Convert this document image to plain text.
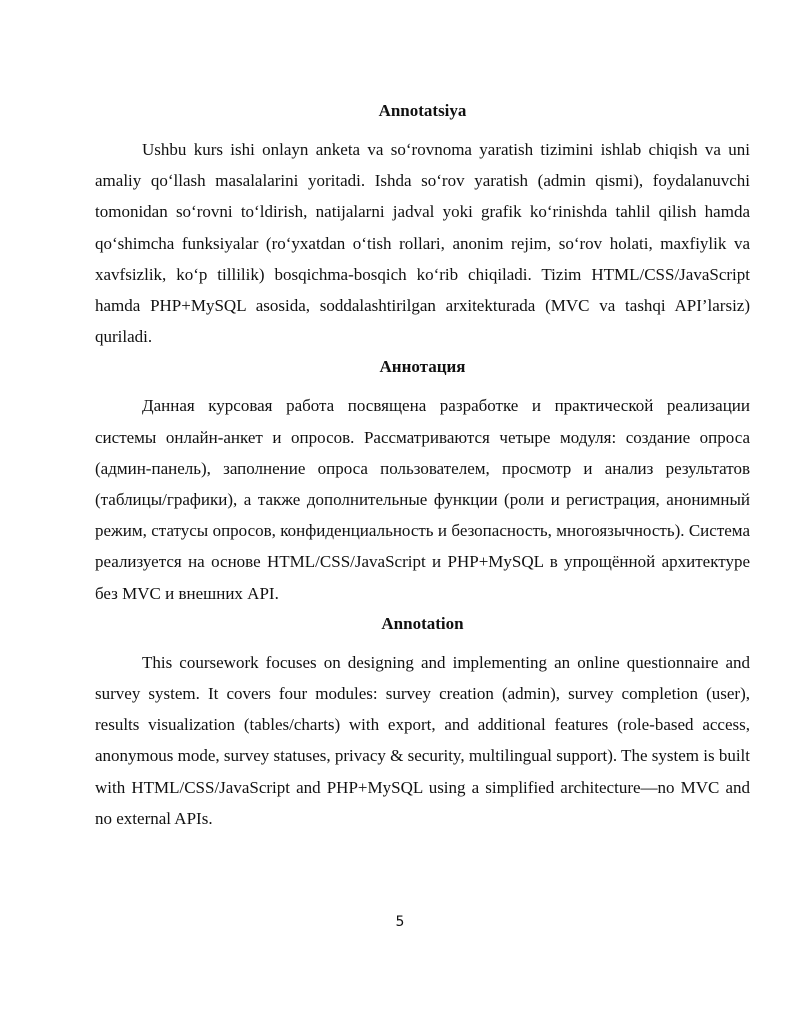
Annotatsiya

Ushbu kurs ishi onlayn anketa va so‘rovnoma yaratish tizimini ishlab chiqish va uni amaliy qo‘llash masalalarini yoritadi. Ishda so‘rov yaratish (admin qismi), foydalanuvchi tomonidan so‘rovni to‘ldirish, natijalarni jadval yoki grafik ko‘rinishda tahlil qilish hamda qo‘shimcha funksiyalar (ro‘yxatdan o‘tish rollari, anonim rejim, so‘rov holati, maxfiylik va xavfsizlik, ko‘p tillilik) bosqichma-bosqich ko‘rib chiqiladi. Tizim HTML/CSS/JavaScript hamda PHP+MySQL asosida, soddalashtirilgan arxitekturada (MVC va tashqi API’larsiz) quriladi.

Аннотация

Данная курсовая работа посвящена разработке и практической реализации системы онлайн-анкет и опросов. Рассматриваются четыре модуля: создание опроса (админ-панель), заполнение опроса пользователем, просмотр и анализ результатов (таблицы/графики), а также дополнительные функции (роли и регистрация, анонимный режим, статусы опросов, конфиденциальность и безопасность, многоязычность). Система реализуется на основе HTML/CSS/JavaScript и PHP+MySQL в упрощённой архитектуре без MVC и внешних API.

Annotation

This coursework focuses on designing and implementing an online questionnaire and survey system. It covers four modules: survey creation (admin), survey completion (user), results visualization (tables/charts) with export, and additional features (role-based access, anonymous mode, survey statuses, privacy & security, multilingual support). The system is built with HTML/CSS/JavaScript and PHP+MySQL using a simplified architecture—no MVC and no external APIs.

5
